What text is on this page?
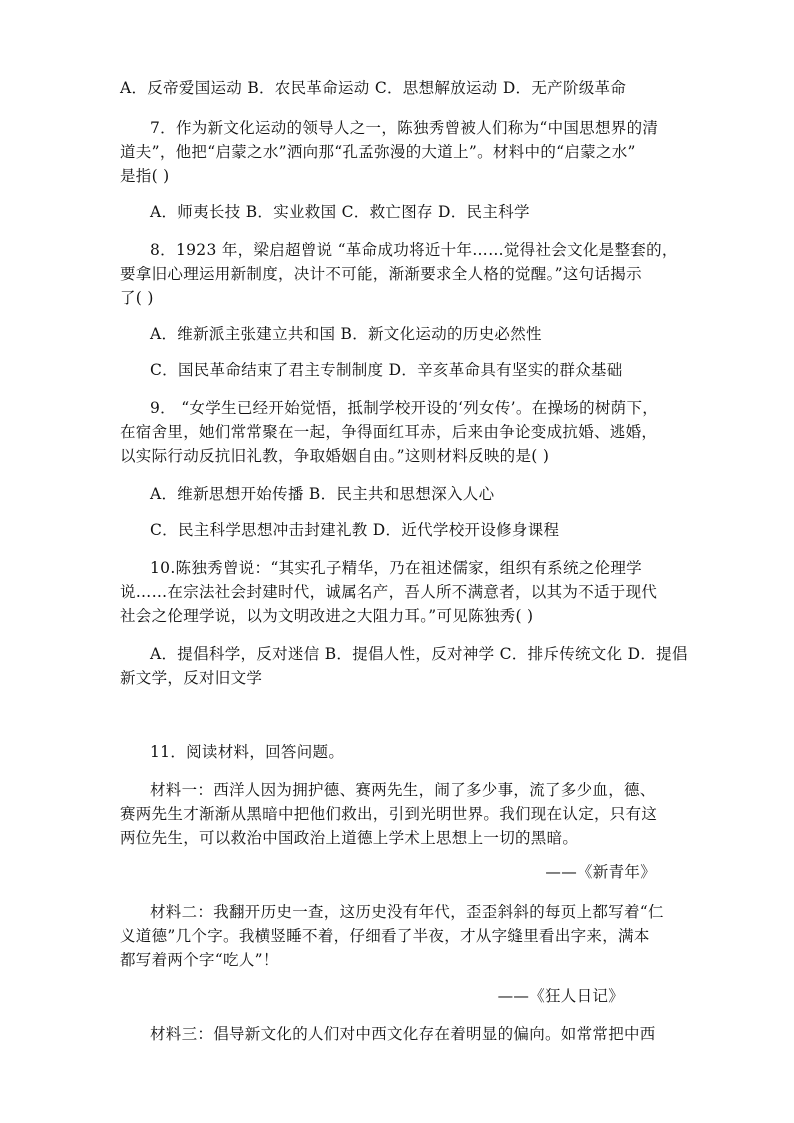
A．反帝爱国运动 B．农民革命运动 C．思想解放运动 D．无产阶级革命
7．作为新文化运动的领导人之一，陈独秀曾被人们称为“中国思想界的清
道夫”，他把“启蒙之水”洒向那“孔孟弥漫的大道上”。材料中的“启蒙之水”
是指( )
A．师夷长技 B．实业救国 C．救亡图存 D．民主科学
8．1923 年，梁启超曾说 “革命成功将近十年……觉得社会文化是整套的，
要拿旧心理运用新制度，决计不可能，渐渐要求全人格的觉醒。”这句话揭示
了( )
A．维新派主张建立共和国 B．新文化运动的历史必然性
C．国民革命结束了君主专制制度 D．辛亥革命具有坚实的群众基础
9． “女学生已经开始觉悟，抵制学校开设的‘列女传’。在操场的树荫下，
在宿舍里，她们常常聚在一起，争得面红耳赤，后来由争论变成抗婚、逃婚，
以实际行动反抗旧礼教，争取婚姻自由。”这则材料反映的是( )
A．维新思想开始传播 B．民主共和思想深入人心
C．民主科学思想冲击封建礼教 D．近代学校开设修身课程
10.陈独秀曾说：“其实孔子精华，乃在祖述儒家，组织有系统之伦理学
说……在宗法社会封建时代，诚属名产，吾人所不满意者，以其为不适于现代
社会之伦理学说，以为文明改进之大阻力耳。”可见陈独秀( )
A．提倡科学，反对迷信 B．提倡人性，反对神学 C．排斥传统文化 D．提倡
新文学，反对旧文学
11．阅读材料，回答问题。
材料一：西洋人因为拥护德、赛两先生，闹了多少事，流了多少血，德、
赛两先生才渐渐从黑暗中把他们救出，引到光明世界。我们现在认定，只有这
两位先生，可以救治中国政治上道德上学术上思想上一切的黑暗。
——《新青年》
材料二：我翻开历史一查，这历史没有年代，歪歪斜斜的每页上都写着“仁
义道德”几个字。我横竖睡不着，仔细看了半夜，才从字缝里看出字来，满本
都写着两个字“吃人”！
——《狂人日记》
材料三：倡导新文化的人们对中西文化存在着明显的偏向。如常常把中西
